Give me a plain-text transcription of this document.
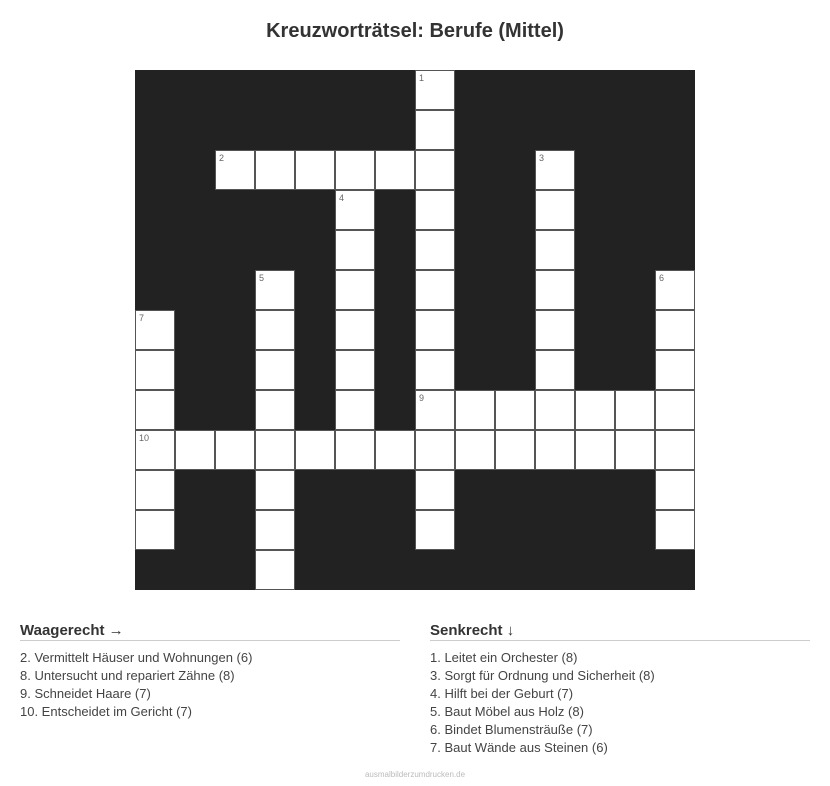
Kreuzworträtsel: Berufe (Mittel)
1
9
2
10
3
4
5	6
7
Waagerecht →
2. Vermittelt Häuser und Wohnungen (6)
8. Untersucht und repariert Zähne (8)
9. Schneidet Haare (7)
10. Entscheidet im Gericht (7)
Senkrecht ↓
1. Leitet ein Orchester (8)
3. Sorgt für Ordnung und Sicherheit (8)
4. Hilft bei der Geburt (7)
5. Baut Möbel aus Holz (8)
6. Bindet Blumensträuße (7)
7. Baut Wände aus Steinen (6)
ausmalbilderzumdrucken.de
